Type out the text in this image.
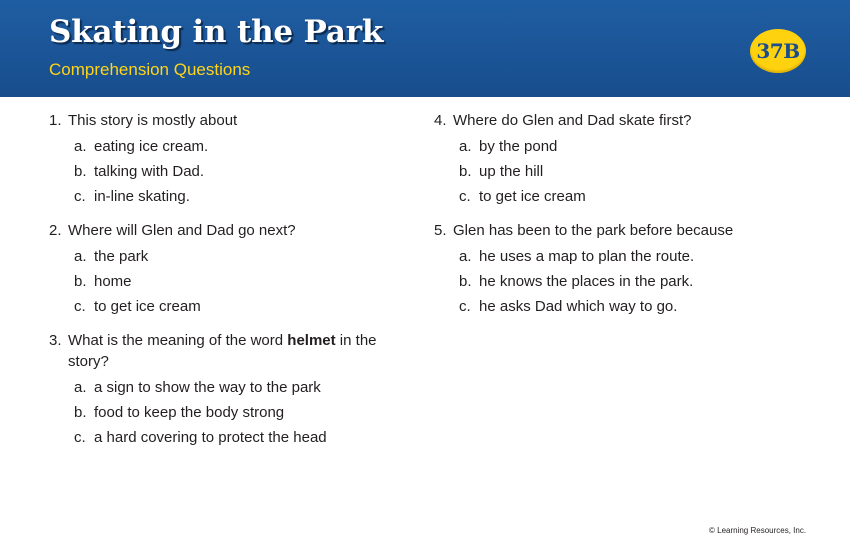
Skating in the Park
Comprehension Questions
37B
1. This story is mostly about
a. eating ice cream.
b. talking with Dad.
c. in-line skating.
2. Where will Glen and Dad go next?
a. the park
b. home
c. to get ice cream
3. What is the meaning of the word helmet in the story?
a. a sign to show the way to the park
b. food to keep the body strong
c. a hard covering to protect the head
4. Where do Glen and Dad skate first?
a. by the pond
b. up the hill
c. to get ice cream
5. Glen has been to the park before because
a. he uses a map to plan the route.
b. he knows the places in the park.
c. he asks Dad which way to go.
© Learning Resources, Inc.
